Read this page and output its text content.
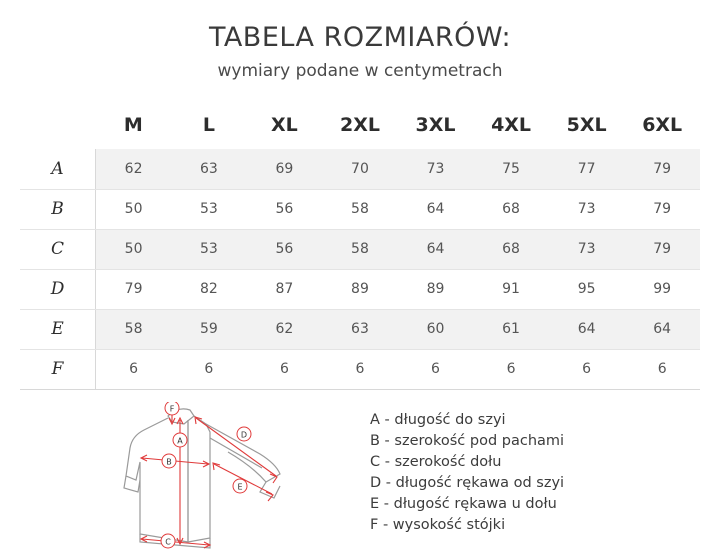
TABELA ROZMIARÓW:
wymiary podane w centymetrach
	M	L	XL	2XL	3XL	4XL	5XL	6XL
A	62	63	69	70	73	75	77	79
B	50	53	56	58	64	68	73	79
C	50	53	56	58	64	68	73	79
D	79	82	87	89	89	91	95	99
E	58	59	62	63	60	61	64	64
F	6	6	6	6	6	6	6	6
F
A
B
C
D
E
A - długość do szyi
B - szerokość pod pachami
C - szerokość dołu
D - długość rękawa od szyi
E - długość rękawa u dołu
F - wysokość stójki
